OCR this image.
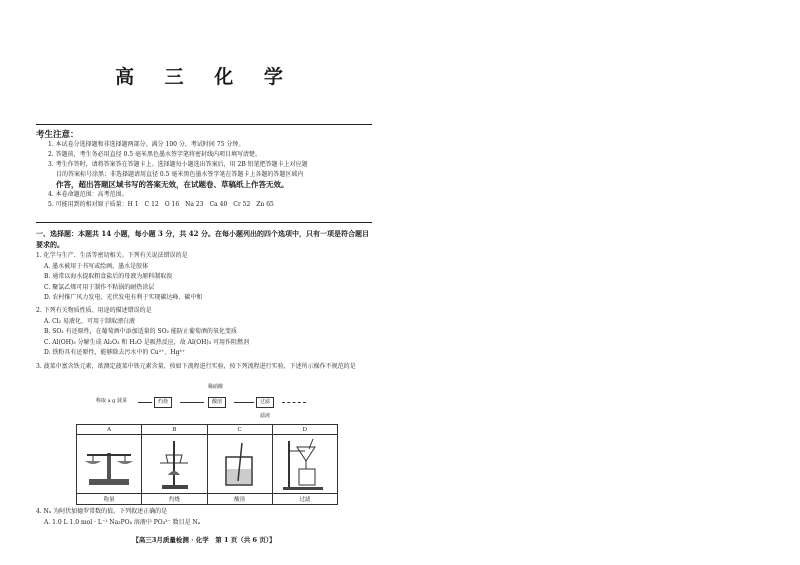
高 三 化 学
考生注意：
1. 本试卷分选择题和非选择题两部分。满分 100 分，考试时间 75 分钟。
2. 答题前，考生务必用直径 0.5 毫米黑色墨水签字笔将密封线内项目填写清楚。
3. 考生作答时，请将答案答在答题卡上。选择题每小题选出答案后，用 2B 铅笔把答题卡上对应题
目的答案标号涂黑；非选择题请用直径 0.5 毫米黑色墨水签字笔在答题卡上各题的答题区域内
作答，超出答题区域书写的答案无效，在试题卷、草稿纸上作答无效。
4. 本卷命题范围：高考范围。
5. 可能用到的相对原子质量：H 1　C 12　O 16　Na 23　Ca 40　Cr 52　Zn 65
一、选择题：本题共 14 小题，每小题 3 分，共 42 分。在每小题列出的四个选项中，只有一项是符合题目要求的。
1. 化学与生产、生活等密切相关。下列有关说法错误的是
A. 墨水被用于书写或绘画，墨水是胶体
B. 通常以海水提取粗食盐后的母液为原料制取溴
C. 聚氯乙烯可用于制作不粘锅的耐热涂层
D. 农村推广风力发电、光伏发电有利于实现碳达峰、碳中和
2. 下列有关物质性质、用途的描述错误的是
A. Cl₂ 易液化，可用于制取漂白液
B. SO₂ 有还原性，在葡萄酒中添加适量的 SO₂ 能防止葡萄酒的氧化变质
C. Al(OH)₃ 分解生成 Al₂O₃ 和 H₂O 是吸热反应，故 Al(OH)₃ 可用作阻燃剂
D. 铁粉具有还原性，能够除去污水中的 Cu²⁺、Hg²⁺
3. 菠菜中富含铁元素，欲测定菠菜中铁元素含量，按如下流程进行实验，按下列流程进行实验，下述所示操作不规范的是
称取 a g 菠菜	灼烧
稀硝酸
酸溶	过滤
滤液
A	B	C	D

称量	灼烧	酸溶	过滤
4. Nₐ 为阿伏加德罗常数的值。下列叙述正确的是
A. 1.0 L 1.0 mol · L⁻¹ Na₃PO₄ 溶液中 PO₄³⁻ 数目是 Nₐ
【高三3月质量检测 · 化学　第 1 页（共 6 页）】
